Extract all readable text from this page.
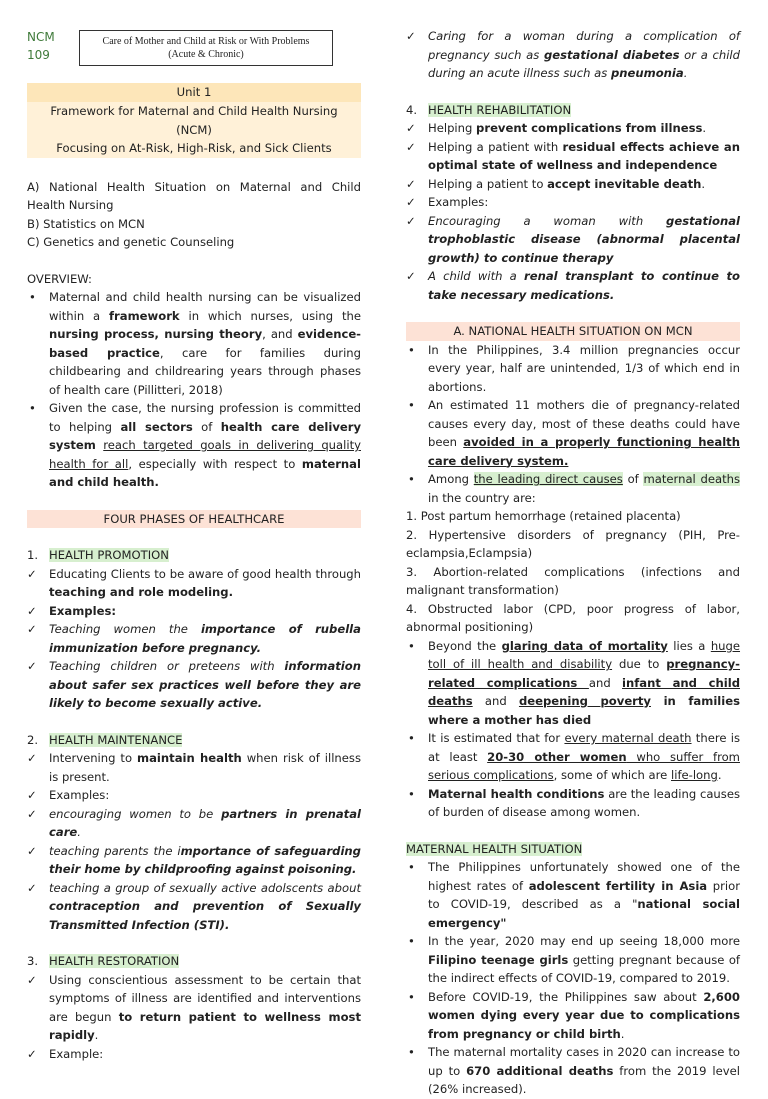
NCM
109
Care of Mother and Child at Risk or With Problems
(Acute & Chronic)
Unit 1
Framework for Maternal and Child Health Nursing (NCM)
Focusing on At-Risk, High-Risk, and Sick Clients

A) National Health Situation on Maternal and Child Health Nursing

B) Statistics on MCN

C) Genetics and genetic Counseling

OVERVIEW:

• Maternal and child health nursing can be visualized within a framework in which nurses, using the nursing process, nursing theory, and evidence-based practice, care for families during childbearing and childrearing years through phases of health care (Pillitteri, 2018)

• Given the case, the nursing profession is committed to helping all sectors of health care delivery system reach targeted goals in delivering quality health for all, especially with respect to maternal and child health.

FOUR PHASES OF HEALTHCARE

1. HEALTH PROMOTION

✓ Educating Clients to be aware of good health through teaching and role modeling.

✓ Examples:

✓ Teaching women the importance of rubella immunization before pregnancy.

✓ Teaching children or preteens with information about safer sex practices well before they are likely to become sexually active.

2. HEALTH MAINTENANCE

✓ Intervening to maintain health when risk of illness is present.

✓ Examples:

✓ encouraging women to be partners in prenatal care.

✓ teaching parents the importance of safeguarding their home by childproofing against poisoning.

✓ teaching a group of sexually active adolscents about contraception and prevention of Sexually Transmitted Infection (STI).

3. HEALTH RESTORATION

✓ Using conscientious assessment to be certain that symptoms of illness are identified and interventions are begun to return patient to wellness most rapidly.

✓ Example:

✓ Caring for a woman during a complication of pregnancy such as gestational diabetes or a child during an acute illness such as pneumonia.

4. HEALTH REHABILITATION

✓ Helping prevent complications from illness.

✓ Helping a patient with residual effects achieve an optimal state of wellness and independence

✓ Helping a patient to accept inevitable death.

✓ Examples:

✓ Encouraging a woman with gestational trophoblastic disease (abnormal placental growth) to continue therapy

✓ A child with a renal transplant to continue to take necessary medications.

A. NATIONAL HEALTH SITUATION ON MCN

• In the Philippines, 3.4 million pregnancies occur every year, half are unintended, 1/3 of which end in abortions.

• An estimated 11 mothers die of pregnancy-related causes every day, most of these deaths could have been avoided in a properly functioning health care delivery system.

• Among the leading direct causes of maternal deaths in the country are:

1. Post partum hemorrhage (retained placenta)

2. Hypertensive disorders of pregnancy (PIH, Pre-eclampsia,Eclampsia)

3. Abortion-related complications (infections and malignant transformation)

4. Obstructed labor (CPD, poor progress of labor, abnormal positioning)

• Beyond the glaring data of mortality lies a huge toll of ill health and disability due to pregnancy-related complications and infant and child deaths and deepening poverty in families where a mother has died

• It is estimated that for every maternal death there is at least 20-30 other women who suffer from serious complications, some of which are life-long.

• Maternal health conditions are the leading causes of burden of disease among women.

MATERNAL HEALTH SITUATION

• The Philippines unfortunately showed one of the highest rates of adolescent fertility in Asia prior to COVID-19, described as a "national social emergency"

• In the year, 2020 may end up seeing 18,000 more Filipino teenage girls getting pregnant because of the indirect effects of COVID-19, compared to 2019.

• Before COVID-19, the Philippines saw about 2,600 women dying every year due to complications from pregnancy or child birth.

• The maternal mortality cases in 2020 can increase to up to 670 additional deaths from the 2019 level (26% increased).
